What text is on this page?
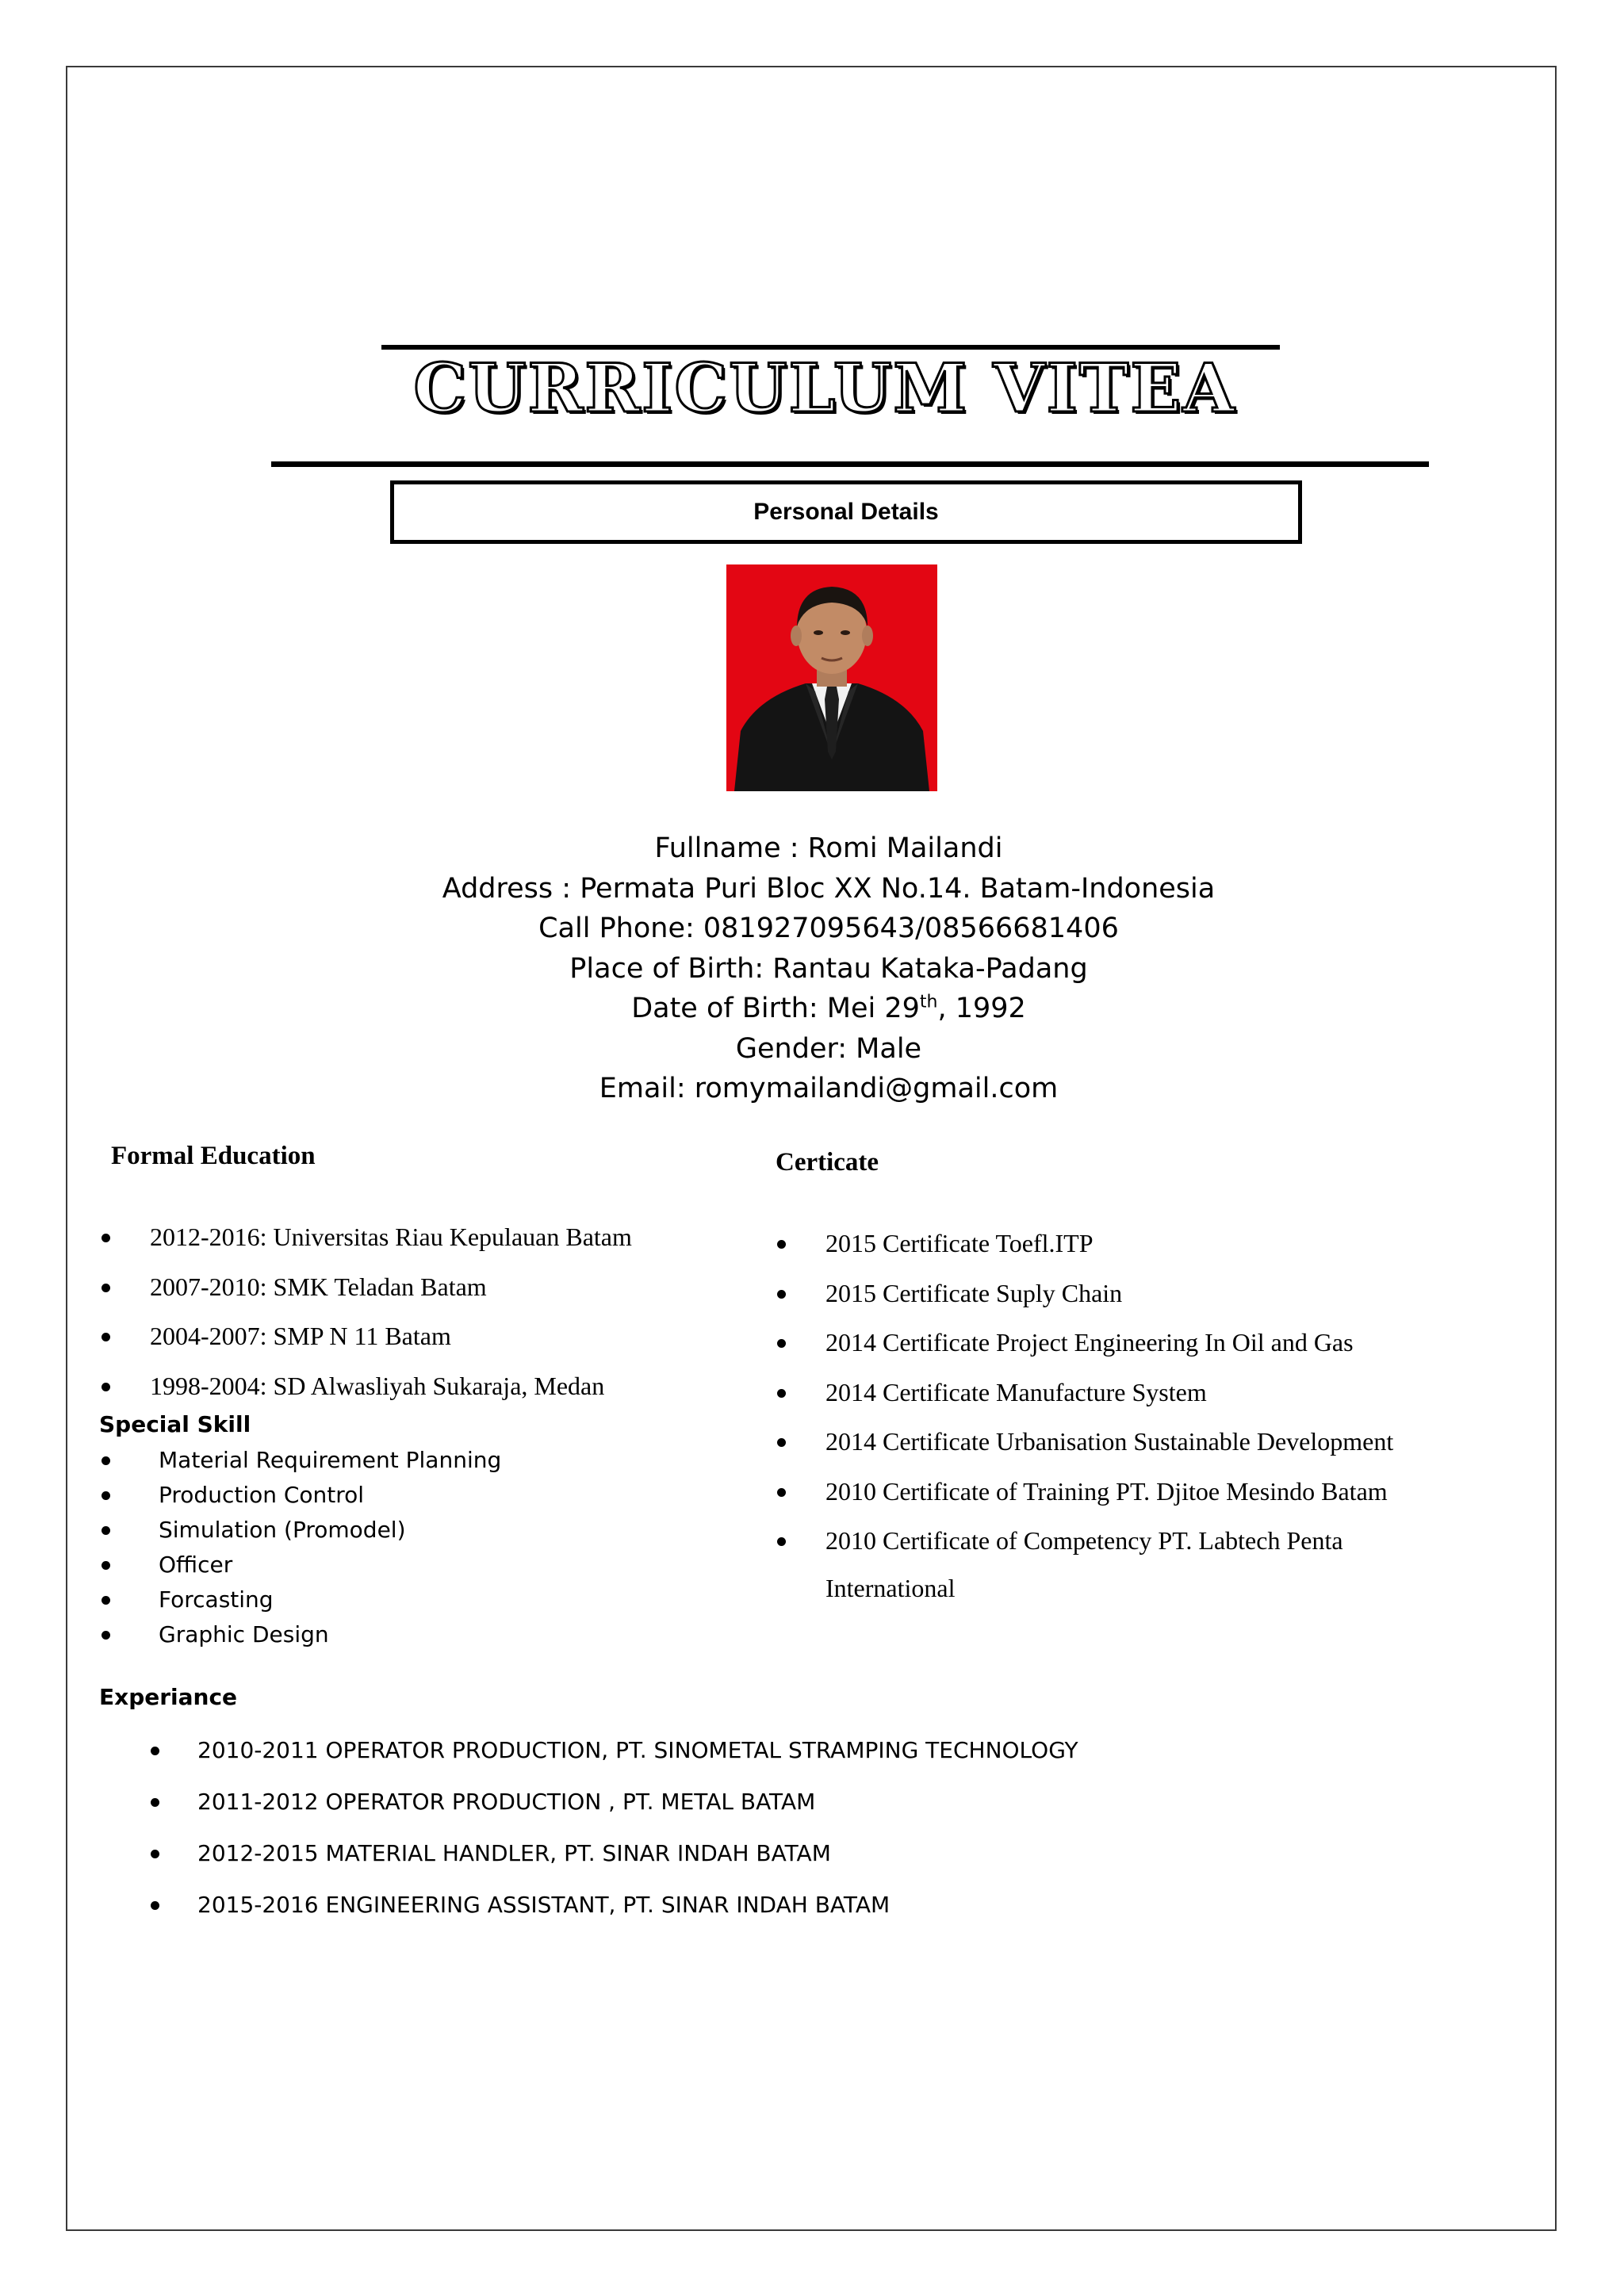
CURRICULUM VITEA
Personal Details
Fullname : Romi Mailandi
Address : Permata Puri Bloc XX No.14. Batam-Indonesia
Call Phone: 081927095643/08566681406
Place of Birth: Rantau Kataka-Padang
Date of Birth: Mei 29th, 1992
Gender: Male
Email: romymailandi@gmail.com
Formal Education
2012-2016: Universitas Riau Kepulauan Batam
2007-2010: SMK Teladan Batam
2004-2007: SMP N 11 Batam
1998-2004: SD Alwasliyah Sukaraja, Medan
Special Skill
Material Requirement Planning
Production Control
Simulation (Promodel)
Officer
Forcasting
Graphic Design
Certicate
2015 Certificate Toefl.ITP
2015 Certificate Suply Chain
2014 Certificate Project Engineering In Oil and Gas
2014 Certificate Manufacture System
2014 Certificate Urbanisation Sustainable Development
2010 Certificate of Training PT. Djitoe Mesindo Batam
2010 Certificate of Competency PT. Labtech Penta International
Experiance
2010-2011 OPERATOR PRODUCTION, PT. SINOMETAL STRAMPING TECHNOLOGY
2011-2012 OPERATOR PRODUCTION , PT. METAL BATAM
2012-2015 MATERIAL HANDLER, PT. SINAR INDAH BATAM
2015-2016 ENGINEERING ASSISTANT, PT. SINAR INDAH BATAM
